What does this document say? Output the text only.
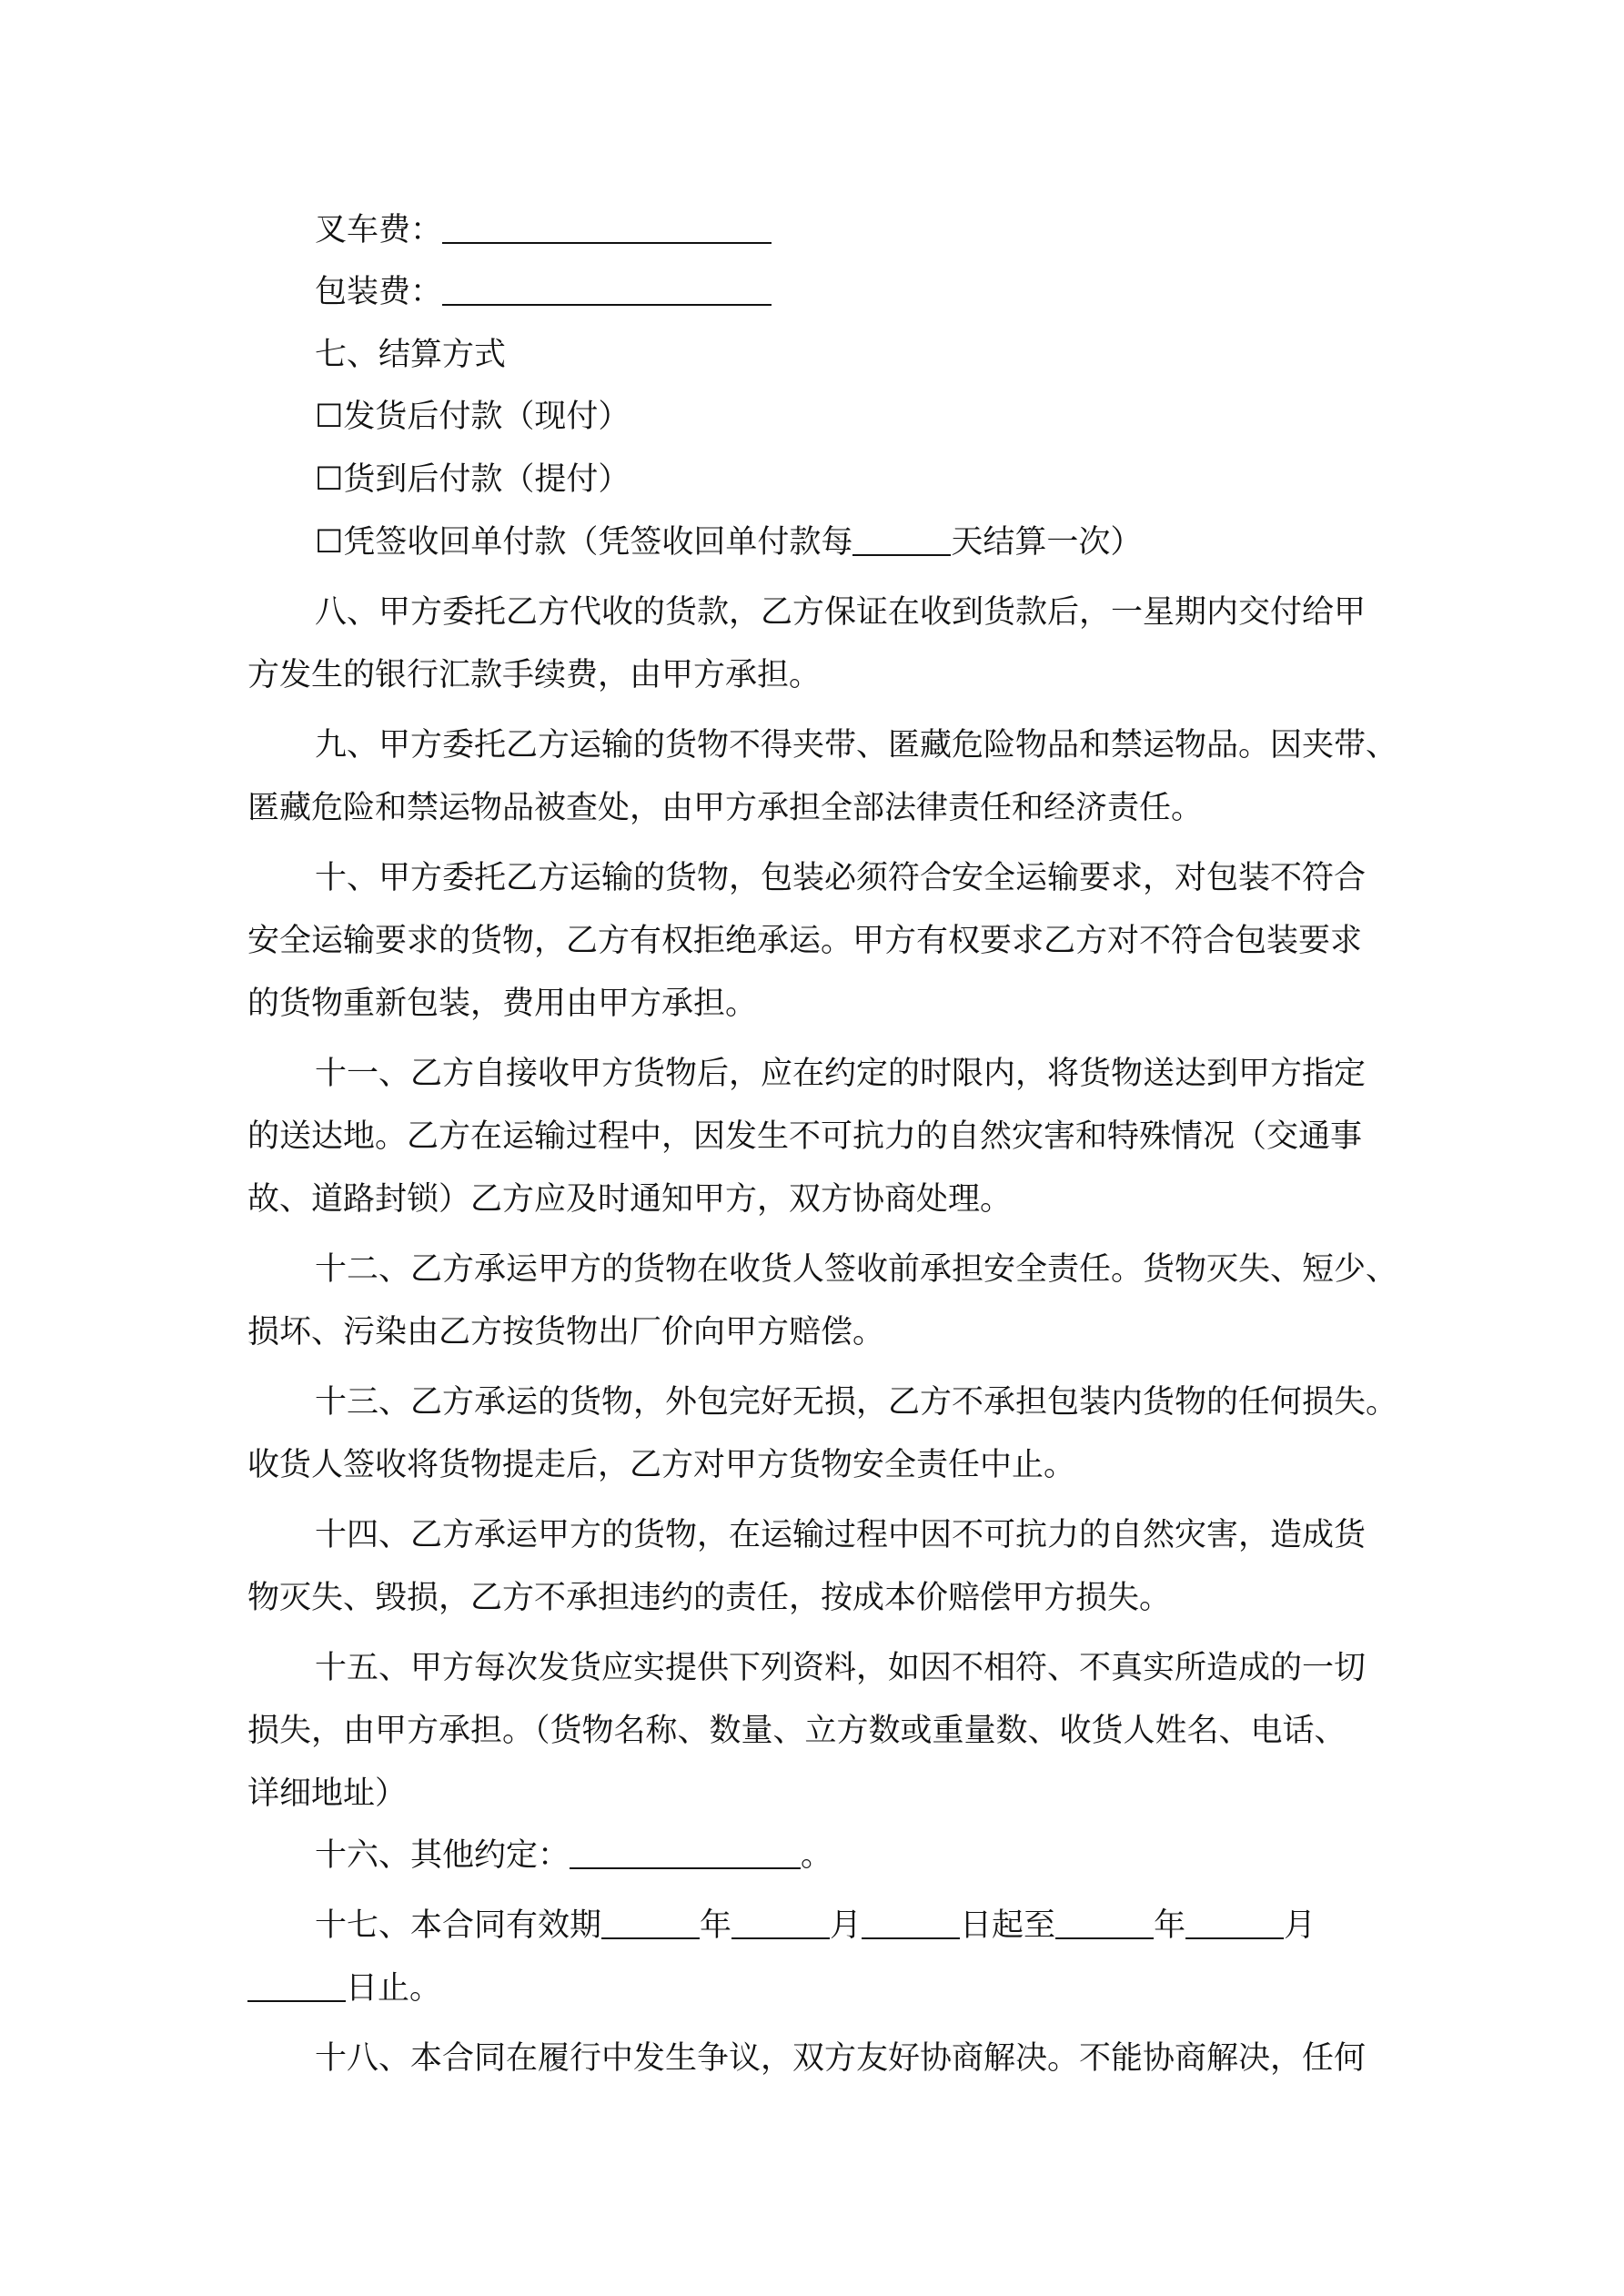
叉车费：
包装费：
七、结算方式
☐发货后付款（现付）
☐货到后付款（提付）
☐凭签收回单付款（凭签收回单付款每	天结算一次）
八、甲方委托乙方代收的货款，乙方保证在收到货款后，一星期内交付给甲
方发生的银行汇款手续费，由甲方承担。
九、甲方委托乙方运输的货物不得夹带、匿藏危险物品和禁运物品。因夹带、
匿藏危险和禁运物品被查处，由甲方承担全部法律责任和经济责任。
十、甲方委托乙方运输的货物，包装必须符合安全运输要求，对包装不符合
安全运输要求的货物，乙方有权拒绝承运。甲方有权要求乙方对不符合包装要求
的货物重新包装，费用由甲方承担。
十一、乙方自接收甲方货物后，应在约定的时限内，将货物送达到甲方指定
的送达地。乙方在运输过程中，因发生不可抗力的自然灾害和特殊情况（交通事
故、道路封锁）乙方应及时通知甲方，双方协商处理。
十二、乙方承运甲方的货物在收货人签收前承担安全责任。货物灭失、短少、
损坏、污染由乙方按货物出厂价向甲方赔偿。
十三、乙方承运的货物，外包完好无损，乙方不承担包装内货物的任何损失。
收货人签收将货物提走后，乙方对甲方货物安全责任中止。
十四、乙方承运甲方的货物，在运输过程中因不可抗力的自然灾害，造成货
物灭失、毁损，乙方不承担违约的责任，按成本价赔偿甲方损失。
十五、甲方每次发货应实提供下列资料，如因不相符、不真实所造成的一切
损失，由甲方承担。（货物名称、数量、立方数或重量数、收货人姓名、电话、
详细地址）
十六、其他约定：	。
十七、本合同有效期	年	月	日起至	年	月
日止。
十八、本合同在履行中发生争议，双方友好协商解决。不能协商解决，任何
